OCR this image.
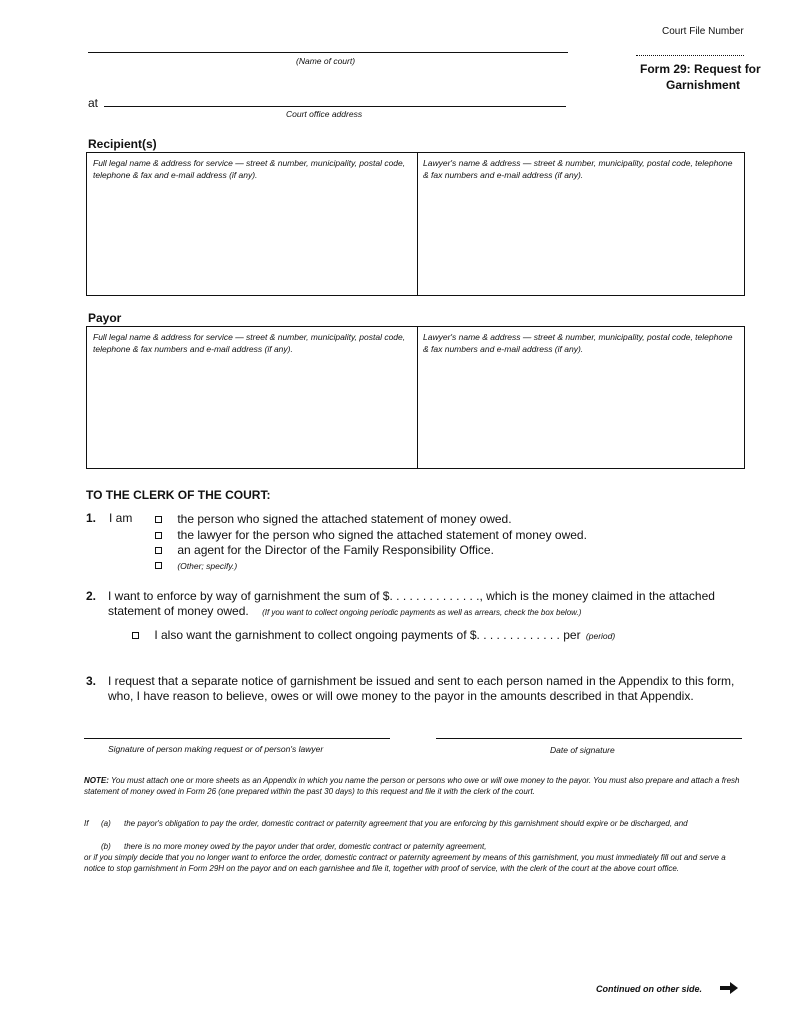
Court File Number
(Name of court)
Form 29: Request for
Garnishment
at
Court office address
Recipient(s)
Full legal name & address for service — street & number, municipality, postal code, telephone & fax and e-mail address (if any).
Lawyer's name & address — street & number, municipality, postal code, telephone & fax numbers and e-mail address (if any).
Payor
Full legal name & address for service — street & number, municipality, postal code, telephone & fax numbers and e-mail address (if any).
Lawyer's name & address — street & number, municipality, postal code, telephone & fax numbers and e-mail address (if any).
TO THE CLERK OF THE COURT:
1. I am	the person who signed the attached statement of money owed.
the lawyer for the person who signed the attached statement of money owed.
an agent for the Director of the Family Responsibility Office.
(Other; specify.)
2. I want to enforce by way of garnishment the sum of $. . . . . . . . . . . . . ., which is the money claimed in the attached
statement of money owed. (If you want to collect ongoing periodic payments as well as arrears, check the box below.)
I also want the garnishment to collect ongoing payments of $. . . . . . . . . . . . . per (period)
3. I request that a separate notice of garnishment be issued and sent to each person named in the Appendix to this form,
who, I have reason to believe, owes or will owe money to the payor in the amounts described in that Appendix.
Signature of person making request or of person's lawyer	Date of signature
NOTE: You must attach one or more sheets as an Appendix in which you name the person or persons who owe or will owe money to the payor. You must also prepare and attach a fresh statement of money owed in Form 26 (one prepared within the past 30 days) to this request and file it with the clerk of the court.
If (a) the payor's obligation to pay the order, domestic contract or paternity agreement that you are enforcing by this garnishment should expire or be discharged, and
(b) there is no more money owed by the payor under that order, domestic contract or paternity agreement,
or if you simply decide that you no longer want to enforce the order, domestic contract or paternity agreement by means of this garnishment, you must immediately fill out and serve a notice to stop garnishment in Form 29H on the payor and on each garnishee and file it, together with proof of service, with the clerk of the court at the above court office.
Continued on other side.
